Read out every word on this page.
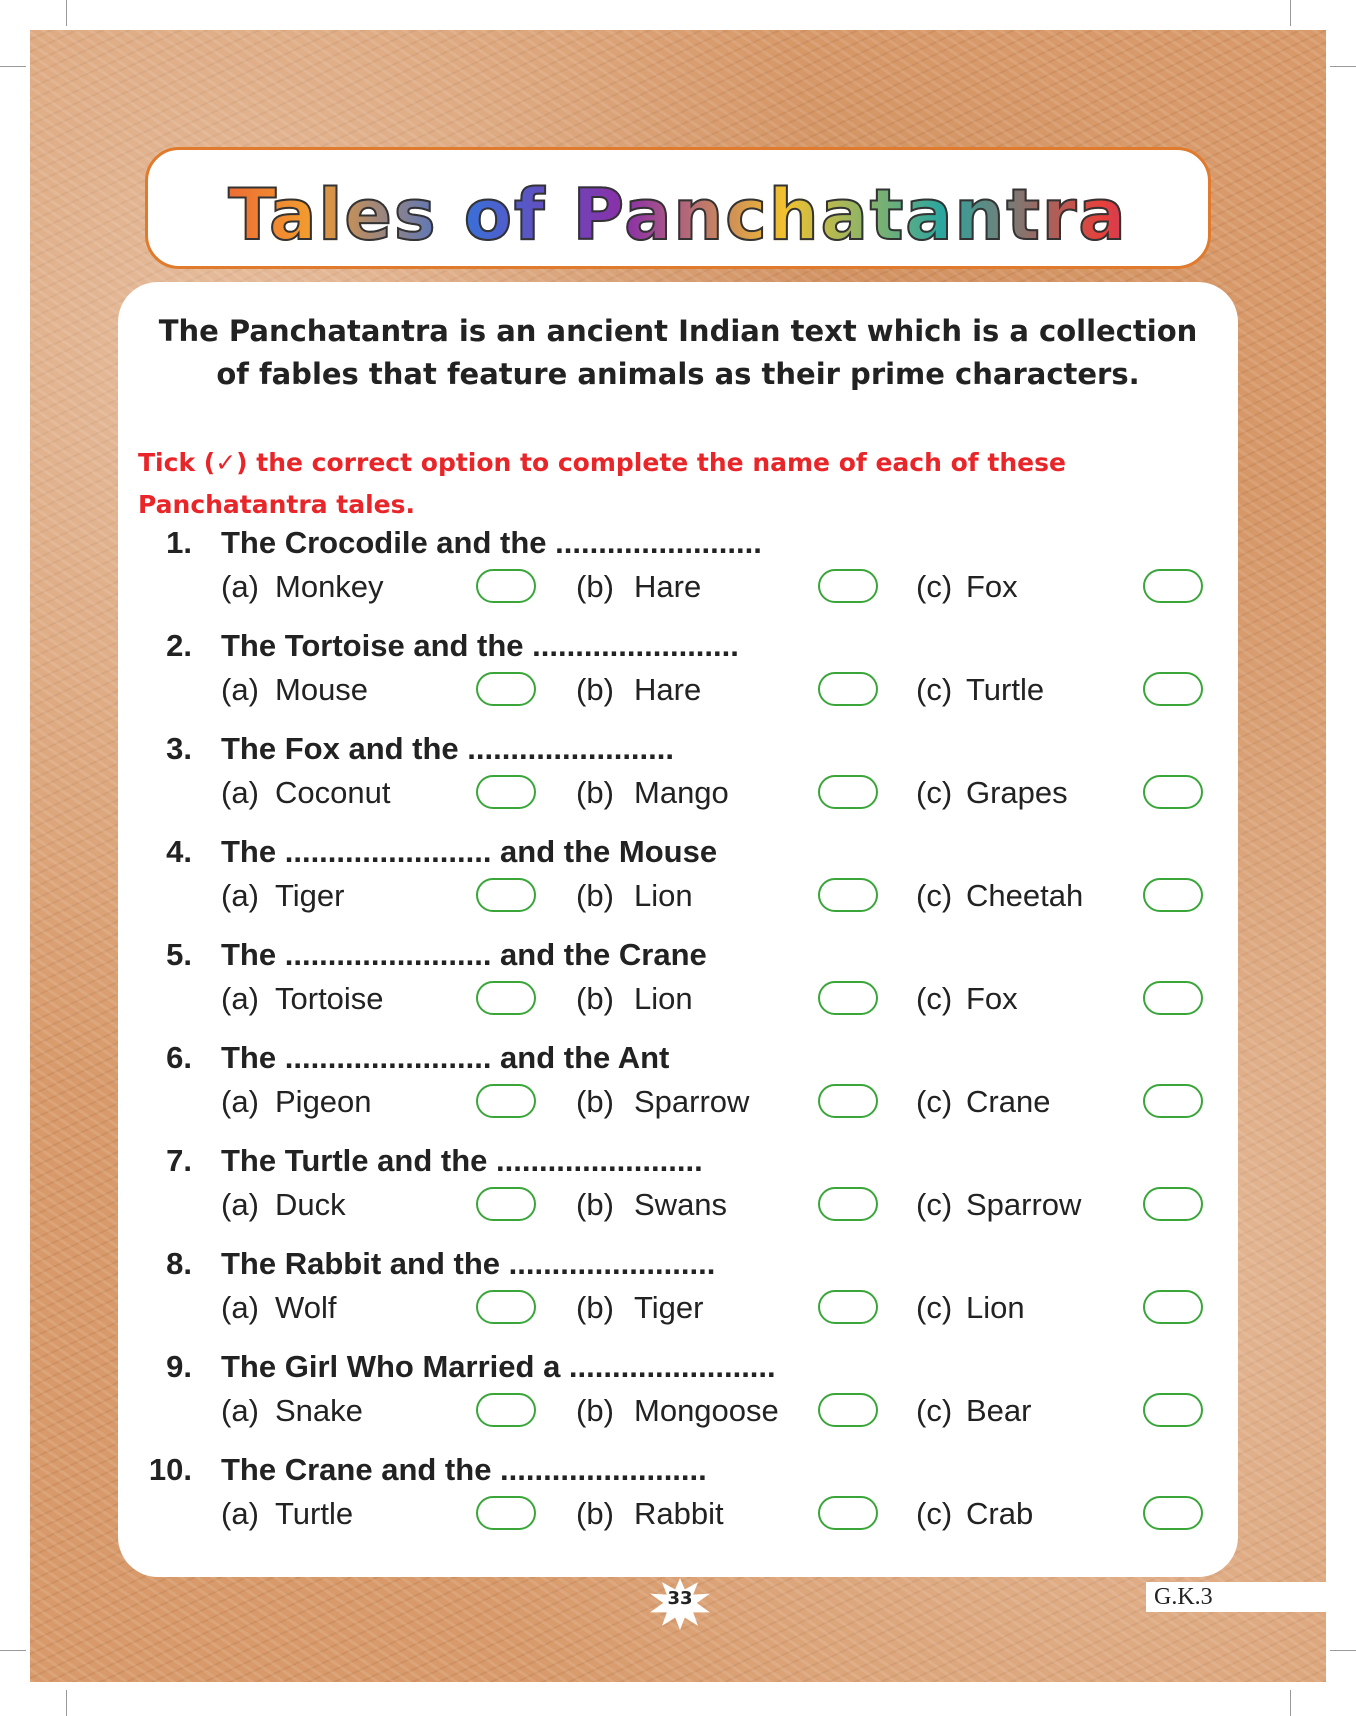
Tales of Panchatantra
The Panchatantra is an ancient Indian text which is a collection
of fables that feature animals as their prime characters.
Tick (✓) the correct option to complete the name of each of these Panchatantra tales.
1. The Crocodile and the ........................
(a) Monkey	(b) Hare	(c) Fox
2. The Tortoise and the ........................
(a) Mouse	(b) Hare	(c) Turtle
3. The Fox and the ........................
(a) Coconut	(b) Mango	(c) Grapes
4. The ........................ and the Mouse
(a) Tiger	(b) Lion	(c) Cheetah
5. The ........................ and the Crane
(a) Tortoise	(b) Lion	(c) Fox
6. The ........................ and the Ant
(a) Pigeon	(b) Sparrow	(c) Crane
7. The Turtle and the ........................
(a) Duck	(b) Swans	(c) Sparrow
8. The Rabbit and the ........................
(a) Wolf	(b) Tiger	(c) Lion
9. The Girl Who Married a ........................
(a) Snake	(b) Mongoose	(c) Bear
10. The Crane and the ........................
(a) Turtle	(b) Rabbit	(c) Crab
33	G.K.3
